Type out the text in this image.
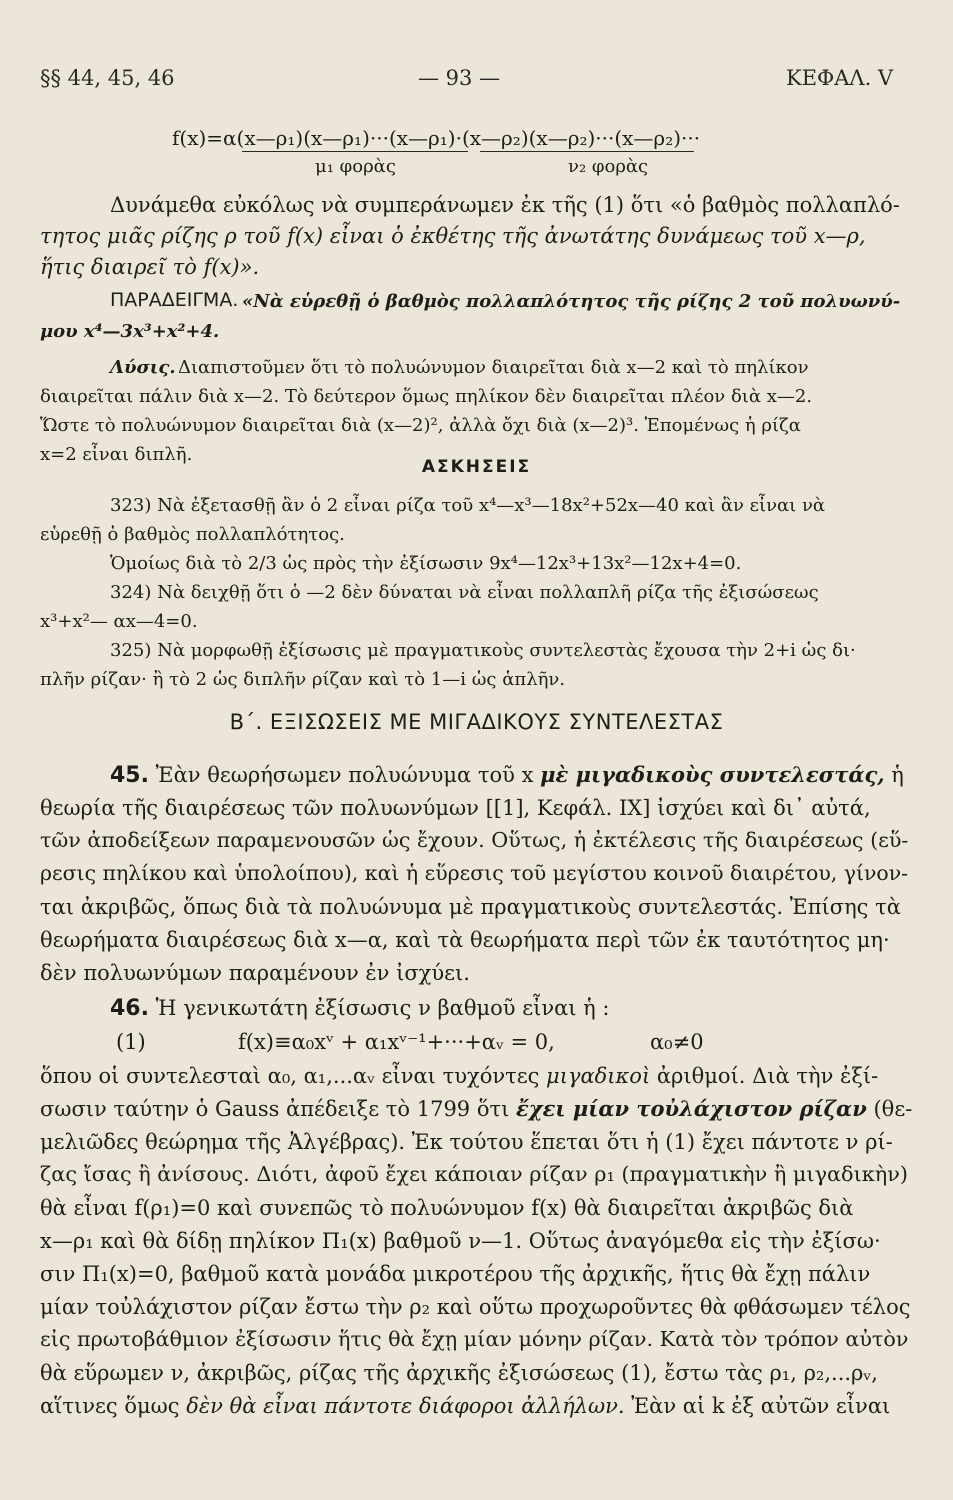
§§ 44, 45, 46	— 93 —	ΚΕΦΑΛ. V
f(x)=α(x—ρ₁)(x—ρ₁)···(x—ρ₁)·(x—ρ₂)(x—ρ₂)···(x—ρ₂)···
μ₁ φορὰς	ν₂ φορὰς
Δυνάμεθα εὐκόλως νὰ συμπεράνωμεν ἐκ τῆς (1) ὅτι «ὁ βαθμὸς πολλαπλό-
τητος μιᾶς ρίζης ρ τοῦ f(x) εἶναι ὁ ἐκθέτης τῆς ἀνωτάτης δυνάμεως τοῦ x—ρ,
ἥτις διαιρεῖ τὸ f(x)».
ΠΑΡΑΔΕΙΓΜΑ. «Νὰ εὑρεθῇ ὁ βαθμὸς πολλαπλότητος τῆς ρίζης 2 τοῦ πολυωνύ-
μου x⁴—3x³+x²+4.
Λύσις. Διαπιστοῦμεν ὅτι τὸ πολυώνυμον διαιρεῖται διὰ x—2 καὶ τὸ πηλίκον
διαιρεῖται πάλιν διὰ x—2. Τὸ δεύτερον ὅμως πηλίκον δὲν διαιρεῖται πλέον διὰ x—2.
Ὥστε τὸ πολυώνυμον διαιρεῖται διὰ (x—2)², ἀλλὰ ὄχι διὰ (x—2)³. Ἑπομένως ἡ ρίζα
x=2 εἶναι διπλῆ.
ΑΣΚΗΣΕΙΣ
323) Νὰ ἐξετασθῇ ἂν ὁ 2 εἶναι ρίζα τοῦ x⁴—x³—18x²+52x—40 καὶ ἂν εἶναι νὰ
εὑρεθῇ ὁ βαθμὸς πολλαπλότητος.
Ὁμοίως διὰ τὸ 2/3 ὡς πρὸς τὴν ἐξίσωσιν 9x⁴—12x³+13x²—12x+4=0.
324) Νὰ δειχθῇ ὅτι ὁ —2 δὲν δύναται νὰ εἶναι πολλαπλῆ ρίζα τῆς ἐξισώσεως
x³+x²— αx—4=0.
325) Νὰ μορφωθῇ ἐξίσωσις μὲ πραγματικοὺς συντελεστὰς ἔχουσα τὴν 2+i ὡς δι·
πλῆν ρίζαν· ἢ τὸ 2 ὡς διπλῆν ρίζαν καὶ τὸ 1—i ὡς ἁπλῆν.
Β΄. ΕΞΙΣΩΣΕΙΣ ΜΕ ΜΙΓΑΔΙΚΟΥΣ ΣΥΝΤΕΛΕΣΤΑΣ
45. Ἐὰν θεωρήσωμεν πολυώνυμα τοῦ x μὲ μιγαδικοὺς συντελεστάς, ἡ
θεωρία τῆς διαιρέσεως τῶν πολυωνύμων [[1], Κεφάλ. IX] ἰσχύει καὶ δι᾽ αὐτά,
τῶν ἀποδείξεων παραμενουσῶν ὡς ἔχουν. Οὕτως, ἡ ἐκτέλεσις τῆς διαιρέσεως (εὕ-
ρεσις πηλίκου καὶ ὑπολοίπου), καὶ ἡ εὕρεσις τοῦ μεγίστου κοινοῦ διαιρέτου, γίνον-
ται ἀκριβῶς, ὅπως διὰ τὰ πολυώνυμα μὲ πραγματικοὺς συντελεστάς. Ἐπίσης τὰ
θεωρήματα διαιρέσεως διὰ x—α, καὶ τὰ θεωρήματα περὶ τῶν ἐκ ταυτότητος μη·
δὲν πολυωνύμων παραμένουν ἐν ἰσχύει.
46. Ἡ γενικωτάτη ἐξίσωσις ν βαθμοῦ εἶναι ἡ :
(1)	f(x)≡α₀xᵛ + α₁xᵛ⁻¹+···+αᵥ = 0,	α₀≠0
ὅπου οἱ συντελεσταὶ α₀, α₁,...αᵥ εἶναι τυχόντες μιγαδικοὶ ἀριθμοί. Διὰ τὴν ἐξί-
σωσιν ταύτην ὁ Gauss ἀπέδειξε τὸ 1799 ὅτι ἔχει μίαν τοὐλάχιστον ρίζαν (θε-
μελιῶδες θεώρημα τῆς Ἀλγέβρας). Ἐκ τούτου ἕπεται ὅτι ἡ (1) ἔχει πάντοτε ν ρί-
ζας ἴσας ἢ ἀνίσους. Διότι, ἀφοῦ ἔχει κάποιαν ρίζαν ρ₁ (πραγματικὴν ἢ μιγαδικὴν)
θὰ εἶναι f(ρ₁)=0 καὶ συνεπῶς τὸ πολυώνυμον f(x) θὰ διαιρεῖται ἀκριβῶς διὰ
x—ρ₁ καὶ θὰ δίδῃ πηλίκον Π₁(x) βαθμοῦ ν—1. Οὕτως ἀναγόμεθα εἰς τὴν ἐξίσω·
σιν Π₁(x)=0, βαθμοῦ κατὰ μονάδα μικροτέρου τῆς ἀρχικῆς, ἥτις θὰ ἔχῃ πάλιν
μίαν τοὐλάχιστον ρίζαν ἔστω τὴν ρ₂ καὶ οὕτω προχωροῦντες θὰ φθάσωμεν τέλος
εἰς πρωτοβάθμιον ἐξίσωσιν ἥτις θὰ ἔχῃ μίαν μόνην ρίζαν. Κατὰ τὸν τρόπον αὐτὸν
θὰ εὕρωμεν ν, ἀκριβῶς, ρίζας τῆς ἀρχικῆς ἐξισώσεως (1), ἔστω τὰς ρ₁, ρ₂,...ρᵥ,
αἵτινες ὅμως δὲν θὰ εἶναι πάντοτε διάφοροι ἀλλήλων. Ἐὰν αἱ k ἐξ αὐτῶν εἶναι
